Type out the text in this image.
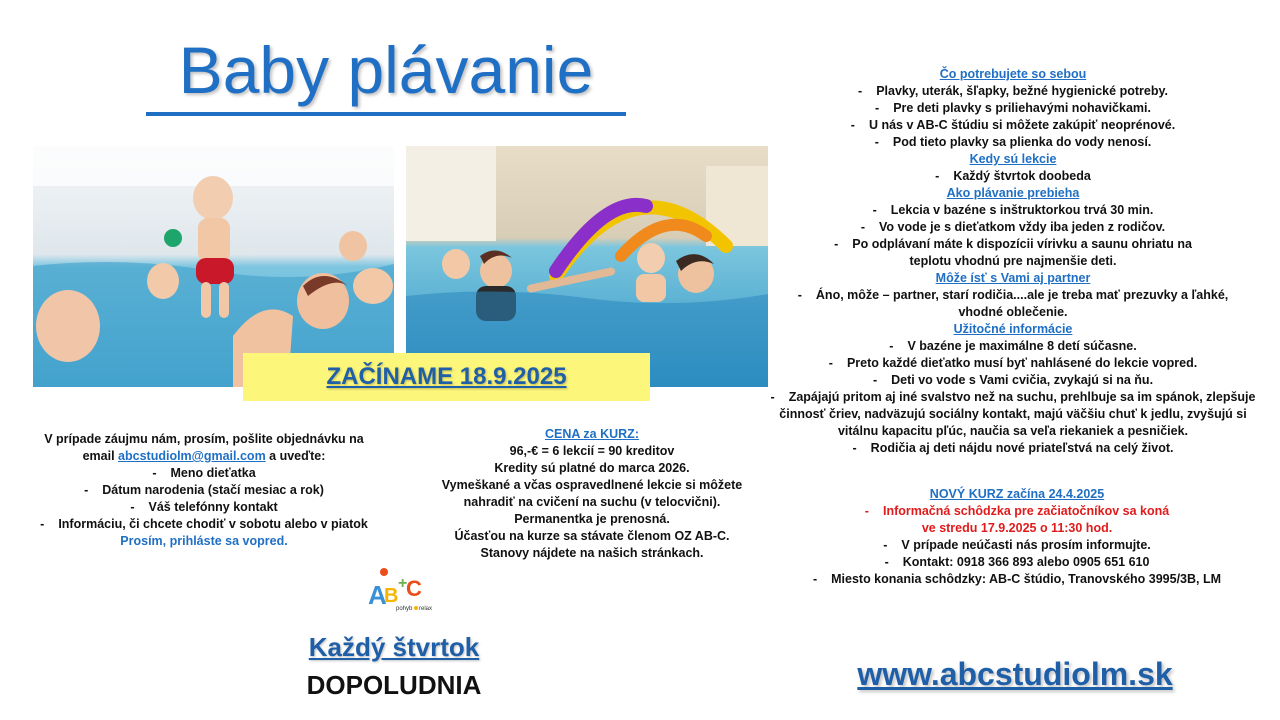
Baby plávanie
ZAČÍNAME 18.9.2025
V prípade záujmu nám, prosím, pošlite objednávku na
email abcstudiolm@gmail.com a uveďte:
- Meno dieťatka
- Dátum narodenia (stačí mesiac a rok)
- Váš telefónny kontakt
- Informáciu, či chcete chodiť v sobotu alebo v piatok
Prosím, prihláste sa vopred.
CENA za KURZ:
96,-€ = 6 lekcií = 90 kreditov
Kredity sú platné do marca 2026.
Vymeškané a včas ospravedlnené lekcie si môžete
nahradiť na cvičení na suchu (v telocvični).
Permanentka je prenosná.
Účasťou na kurze sa stávate členom OZ AB-C.
Stanovy nájdete na našich stránkach.
Čo potrebujete so sebou
- Plavky, uterák, šľapky, bežné hygienické potreby.
- Pre deti plavky s priliehavými nohavičkami.
- U nás v AB-C štúdiu si môžete zakúpiť neoprénové.
- Pod tieto plavky sa plienka do vody nenosí.
Kedy sú lekcie
- Každý štvrtok doobeda
Ako plávanie prebieha
- Lekcia v bazéne s inštruktorkou trvá 30 min.
- Vo vode je s dieťatkom vždy iba jeden z rodičov.
- Po odplávaní máte k dispozícii vírivku a saunu ohriatu na teplotu vhodnú pre najmenšie deti.
Môže ísť s Vami aj partner
- Áno, môže – partner, starí rodičia....ale je treba mať prezuvky a ľahké, vhodné oblečenie.
Užitočné informácie
- V bazéne je maximálne 8 detí súčasne.
- Preto každé dieťatko musí byť nahlásené do lekcie vopred.
- Deti vo vode s Vami cvičia, zvykajú si na ňu.
- Zapájajú pritom aj iné svalstvo než na suchu, prehlbuje sa im spánok, zlepšuje činnosť čriev, nadväzujú sociálny kontakt, majú väčšiu chuť k jedlu, zvyšujú si vitálnu kapacitu pľúc, naučia sa veľa riekaniek a pesničiek.
- Rodičia aj deti nájdu nové priateľstvá na celý život.
NOVÝ KURZ začína 24.4.2025
- Informačná schôdzka pre začiatočníkov sa koná
ve stredu 17.9.2025 o 11:30 hod.
- V prípade neúčasti nás prosím informujte.
- Kontakt: 0918 366 893 alebo 0905 651 610
- Miesto konania schôdzky: AB-C štúdio, Tranovského 3995/3B, LM
A
B
+
C
pohyb relax
Každý štvrtok
DOPOLUDNIA	www.abcstudiolm.sk
